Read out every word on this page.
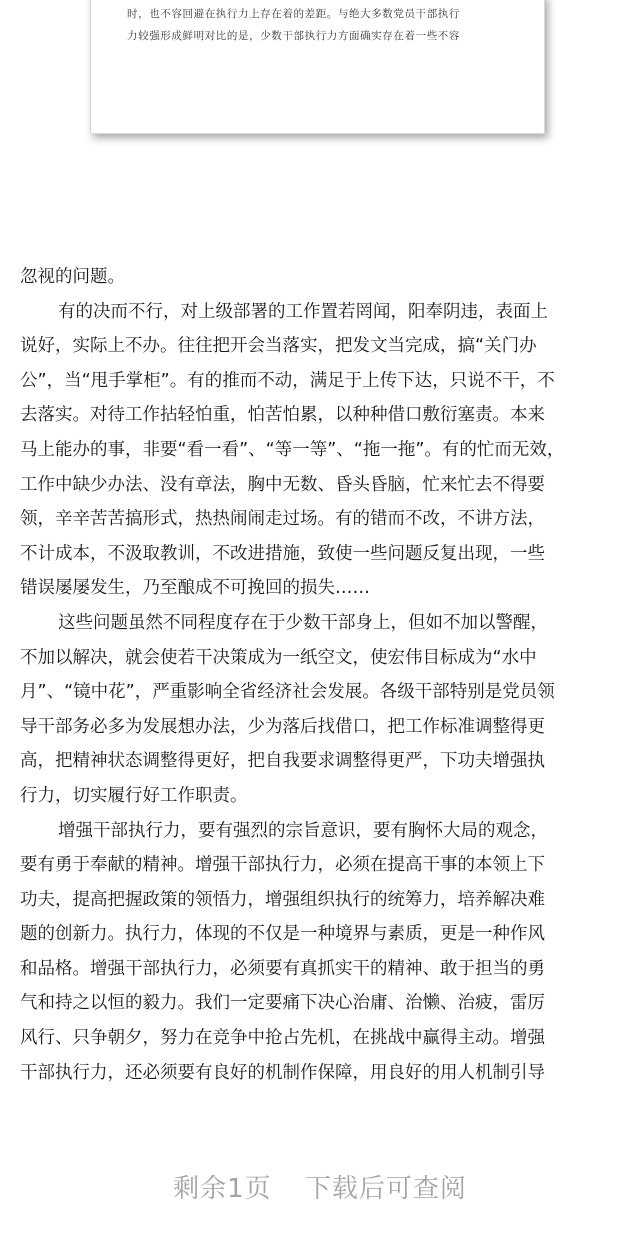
时，也不容回避在执行力上存在着的差距。与绝大多数党员干部执行
力较强形成鲜明对比的是，少数干部执行力方面确实存在着一些不容
忽视的问题。
有的决而不行，对上级部署的工作置若罔闻，阳奉阴违，表面上
说好，实际上不办。往往把开会当落实，把发文当完成，搞“关门办
公”，当“甩手掌柜”。有的推而不动，满足于上传下达，只说不干，不
去落实。对待工作拈轻怕重，怕苦怕累，以种种借口敷衍塞责。本来
马上能办的事，非要“看一看”、“等一等”、“拖一拖”。有的忙而无效，
工作中缺少办法、没有章法，胸中无数、昏头昏脑，忙来忙去不得要
领，辛辛苦苦搞形式，热热闹闹走过场。有的错而不改，不讲方法，
不计成本，不汲取教训，不改进措施，致使一些问题反复出现，一些
错误屡屡发生，乃至酿成不可挽回的损失……
这些问题虽然不同程度存在于少数干部身上，但如不加以警醒，
不加以解决，就会使若干决策成为一纸空文，使宏伟目标成为“水中
月”、“镜中花”，严重影响全省经济社会发展。各级干部特别是党员领
导干部务必多为发展想办法，少为落后找借口，把工作标准调整得更
高，把精神状态调整得更好，把自我要求调整得更严，下功夫增强执
行力，切实履行好工作职责。
增强干部执行力，要有强烈的宗旨意识，要有胸怀大局的观念，
要有勇于奉献的精神。增强干部执行力，必须在提高干事的本领上下
功夫，提高把握政策的领悟力，增强组织执行的统筹力，培养解决难
题的创新力。执行力，体现的不仅是一种境界与素质，更是一种作风
和品格。增强干部执行力，必须要有真抓实干的精神、敢于担当的勇
气和持之以恒的毅力。我们一定要痛下决心治庸、治懒、治疲，雷厉
风行、只争朝夕，努力在竞争中抢占先机，在挑战中赢得主动。增强
干部执行力，还必须要有良好的机制作保障，用良好的用人机制引导
剩余1页 下载后可查阅
